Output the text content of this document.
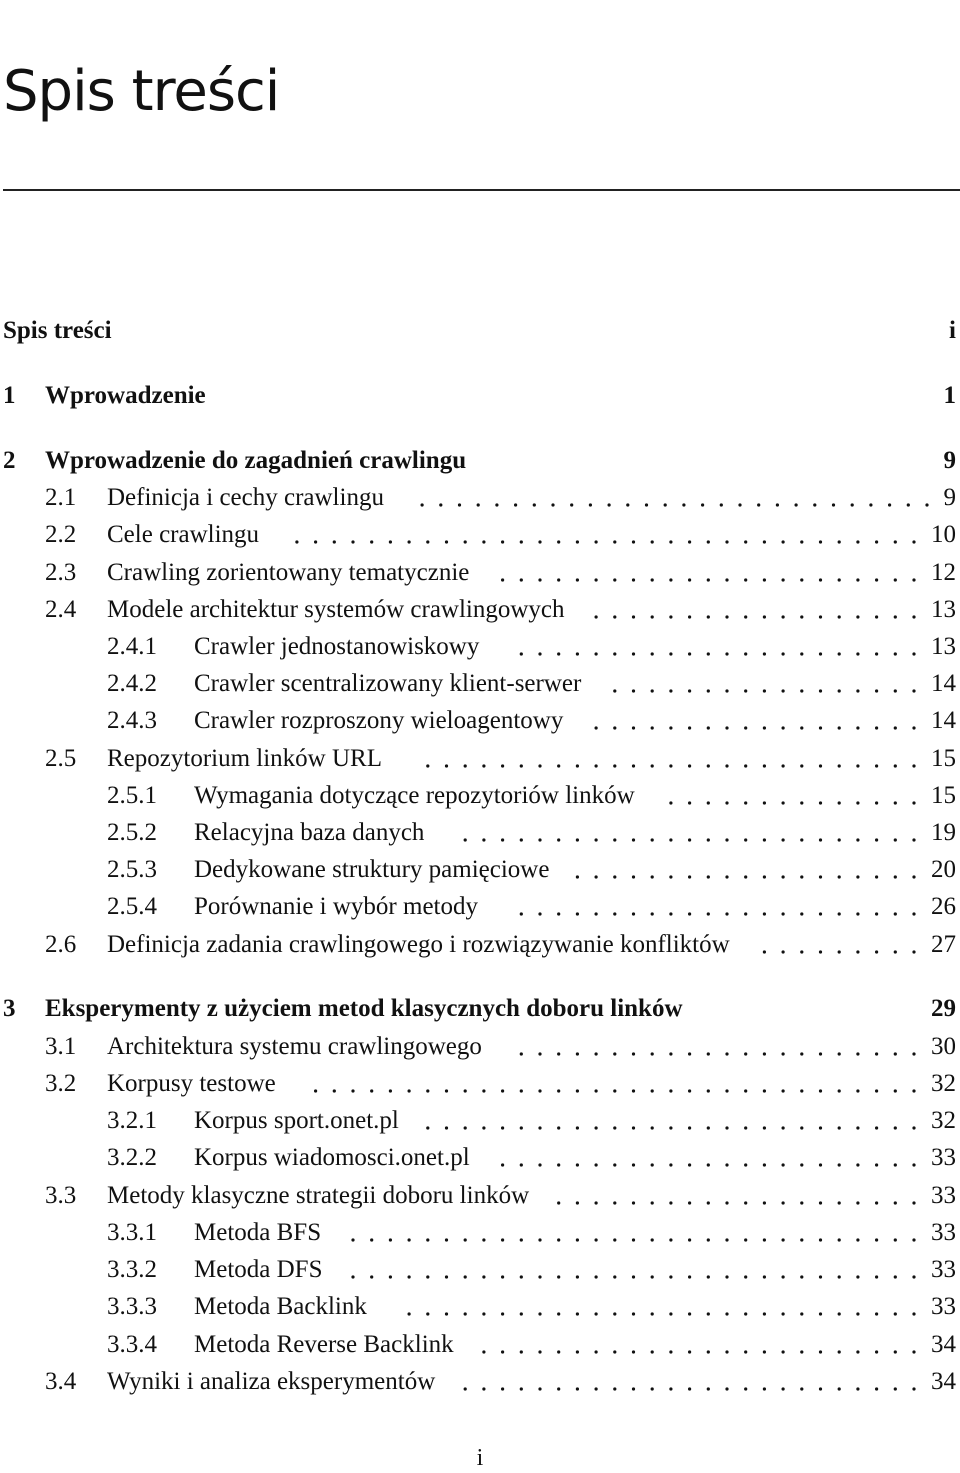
Spis treści
Spis treści	i
1 Wprowadzenie	1
2 Wprowadzenie do zagadnień crawlingu	9
2.1 Definicja i cechy crawlingu	9
2.2 Cele crawlingu	10
2.3 Crawling zorientowany tematycznie	12
2.4 Modele architektur systemów crawlingowych	13
2.4.1 Crawler jednostanowiskowy	13
2.4.2 Crawler scentralizowany klient-serwer	14
2.4.3 Crawler rozproszony wieloagentowy	14
2.5 Repozytorium linków URL	15
2.5.1 Wymagania dotyczące repozytoriów linków	15
2.5.2 Relacyjna baza danych	19
2.5.3 Dedykowane struktury pamięciowe	20
2.5.4 Porównanie i wybór metody	26
2.6 Definicja zadania crawlingowego i rozwiązywanie konfliktów	27
3 Eksperymenty z użyciem metod klasycznych doboru linków	29
3.1 Architektura systemu crawlingowego	30
3.2 Korpusy testowe	32
3.2.1 Korpus sport.onet.pl	32
3.2.2 Korpus wiadomosci.onet.pl	33
3.3 Metody klasyczne strategii doboru linków	33
3.3.1 Metoda BFS	33
3.3.2 Metoda DFS	33
3.3.3 Metoda Backlink	33
3.3.4 Metoda Reverse Backlink	34
3.4 Wyniki i analiza eksperymentów	34
i
